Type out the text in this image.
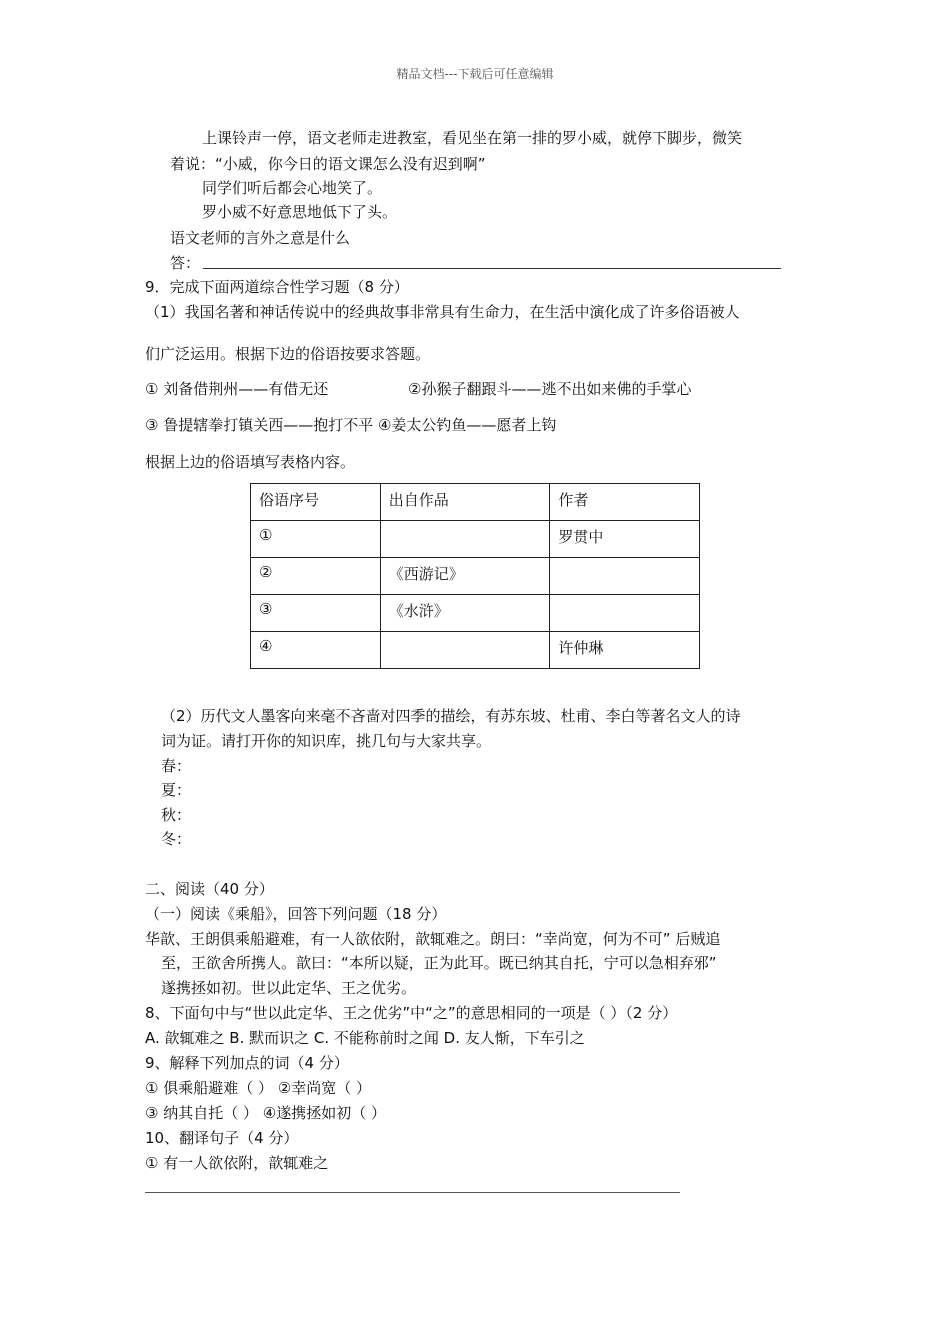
精品文档---下载后可任意编辑
上课铃声一停，语文老师走进教室，看见坐在第一排的罗小威，就停下脚步，微笑
着说：“小威，你今日的语文课怎么没有迟到啊”
同学们听后都会心地笑了。
罗小威不好意思地低下了头。
语文老师的言外之意是什么
答：
9．完成下面两道综合性学习题（8 分）
（1）我国名著和神话传说中的经典故事非常具有生命力，在生活中演化成了许多俗语被人
们广泛运用。根据下边的俗语按要求答题。
① 刘备借荆州——有借无还	②孙猴子翻跟斗——逃不出如来佛的手掌心
③ 鲁提辖拳打镇关西——抱打不平 ④姜太公钓鱼——愿者上钩
根据上边的俗语填写表格内容。
俗语序号	出自作品	作者
①		罗贯中
②	《西游记》	
③	《水浒》	
④		许仲琳
（2）历代文人墨客向来毫不吝啬对四季的描绘，有苏东坡、杜甫、李白等著名文人的诗
词为证。请打开你的知识库，挑几句与大家共享。
春：
夏：
秋：
冬：
二、阅读（40 分）
（一）阅读《乘船》，回答下列问题（18 分）
华歆、王朗俱乘船避难，有一人欲依附，歆辄难之。朗曰：“幸尚宽，何为不可” 后贼追
至，王欲舍所携人。歆曰：“本所以疑，正为此耳。既已纳其自托，宁可以急相弃邪”
遂携拯如初。世以此定华、王之优劣。
8、下面句中与“世以此定华、王之优劣”中“之”的意思相同的一项是（ ）（2 分）
A. 歆辄难之 B. 默而识之 C. 不能称前时之闻 D. 友人惭，下车引之
9、解释下列加点的词（4 分）
① 俱乘船避难（ ） ②幸尚宽（ ）
③ 纳其自托（ ） ④遂携拯如初（ ）
10、翻译句子（4 分）
① 有一人欲依附，歆辄难之
